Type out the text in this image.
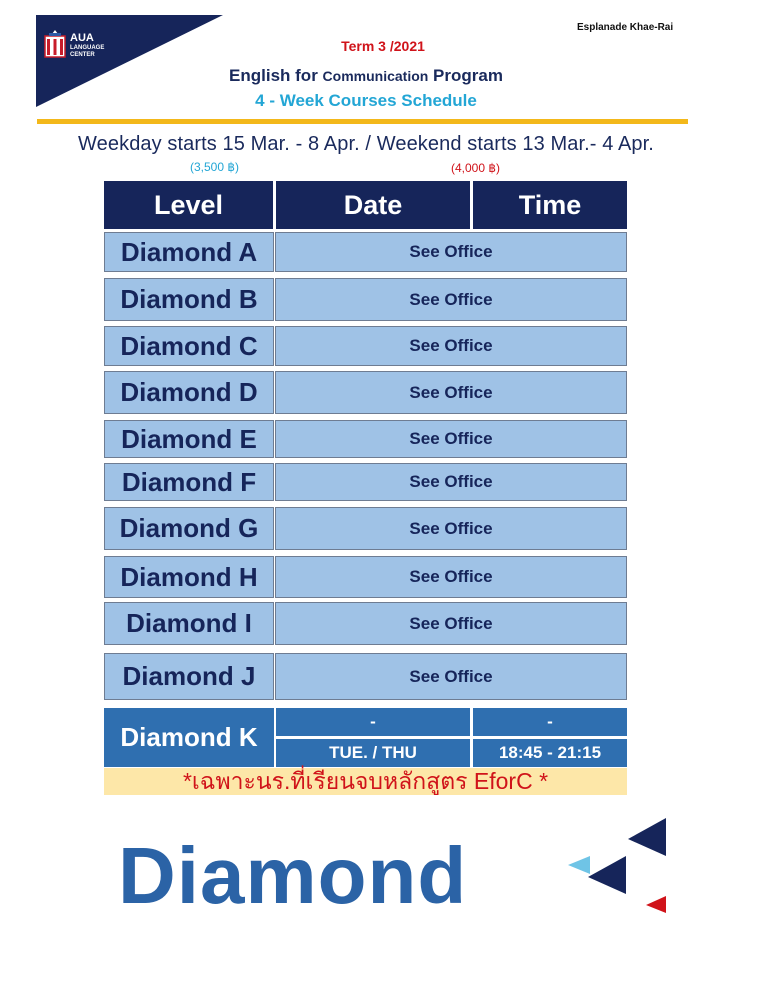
AUA
LANGUAGE
CENTER
Esplanade Khae-Rai
Term 3 /2021
English for Communication Program
4 - Week Courses Schedule
Weekday starts 15 Mar. - 8 Apr. / Weekend starts 13 Mar.- 4 Apr.
(3,500 ฿)	(4,000 ฿)
Level	Date	Time
Diamond A	See Office
Diamond B	See Office
Diamond C	See Office
Diamond D	See Office
Diamond E	See Office
Diamond F	See Office
Diamond G	See Office
Diamond H	See Office
Diamond I	See Office
Diamond J	See Office
Diamond K
-	-
TUE. / THU	18:45 - 21:15
*เฉพาะนร.ที่เรียนจบหลักสูตร EforC *
Diamond
